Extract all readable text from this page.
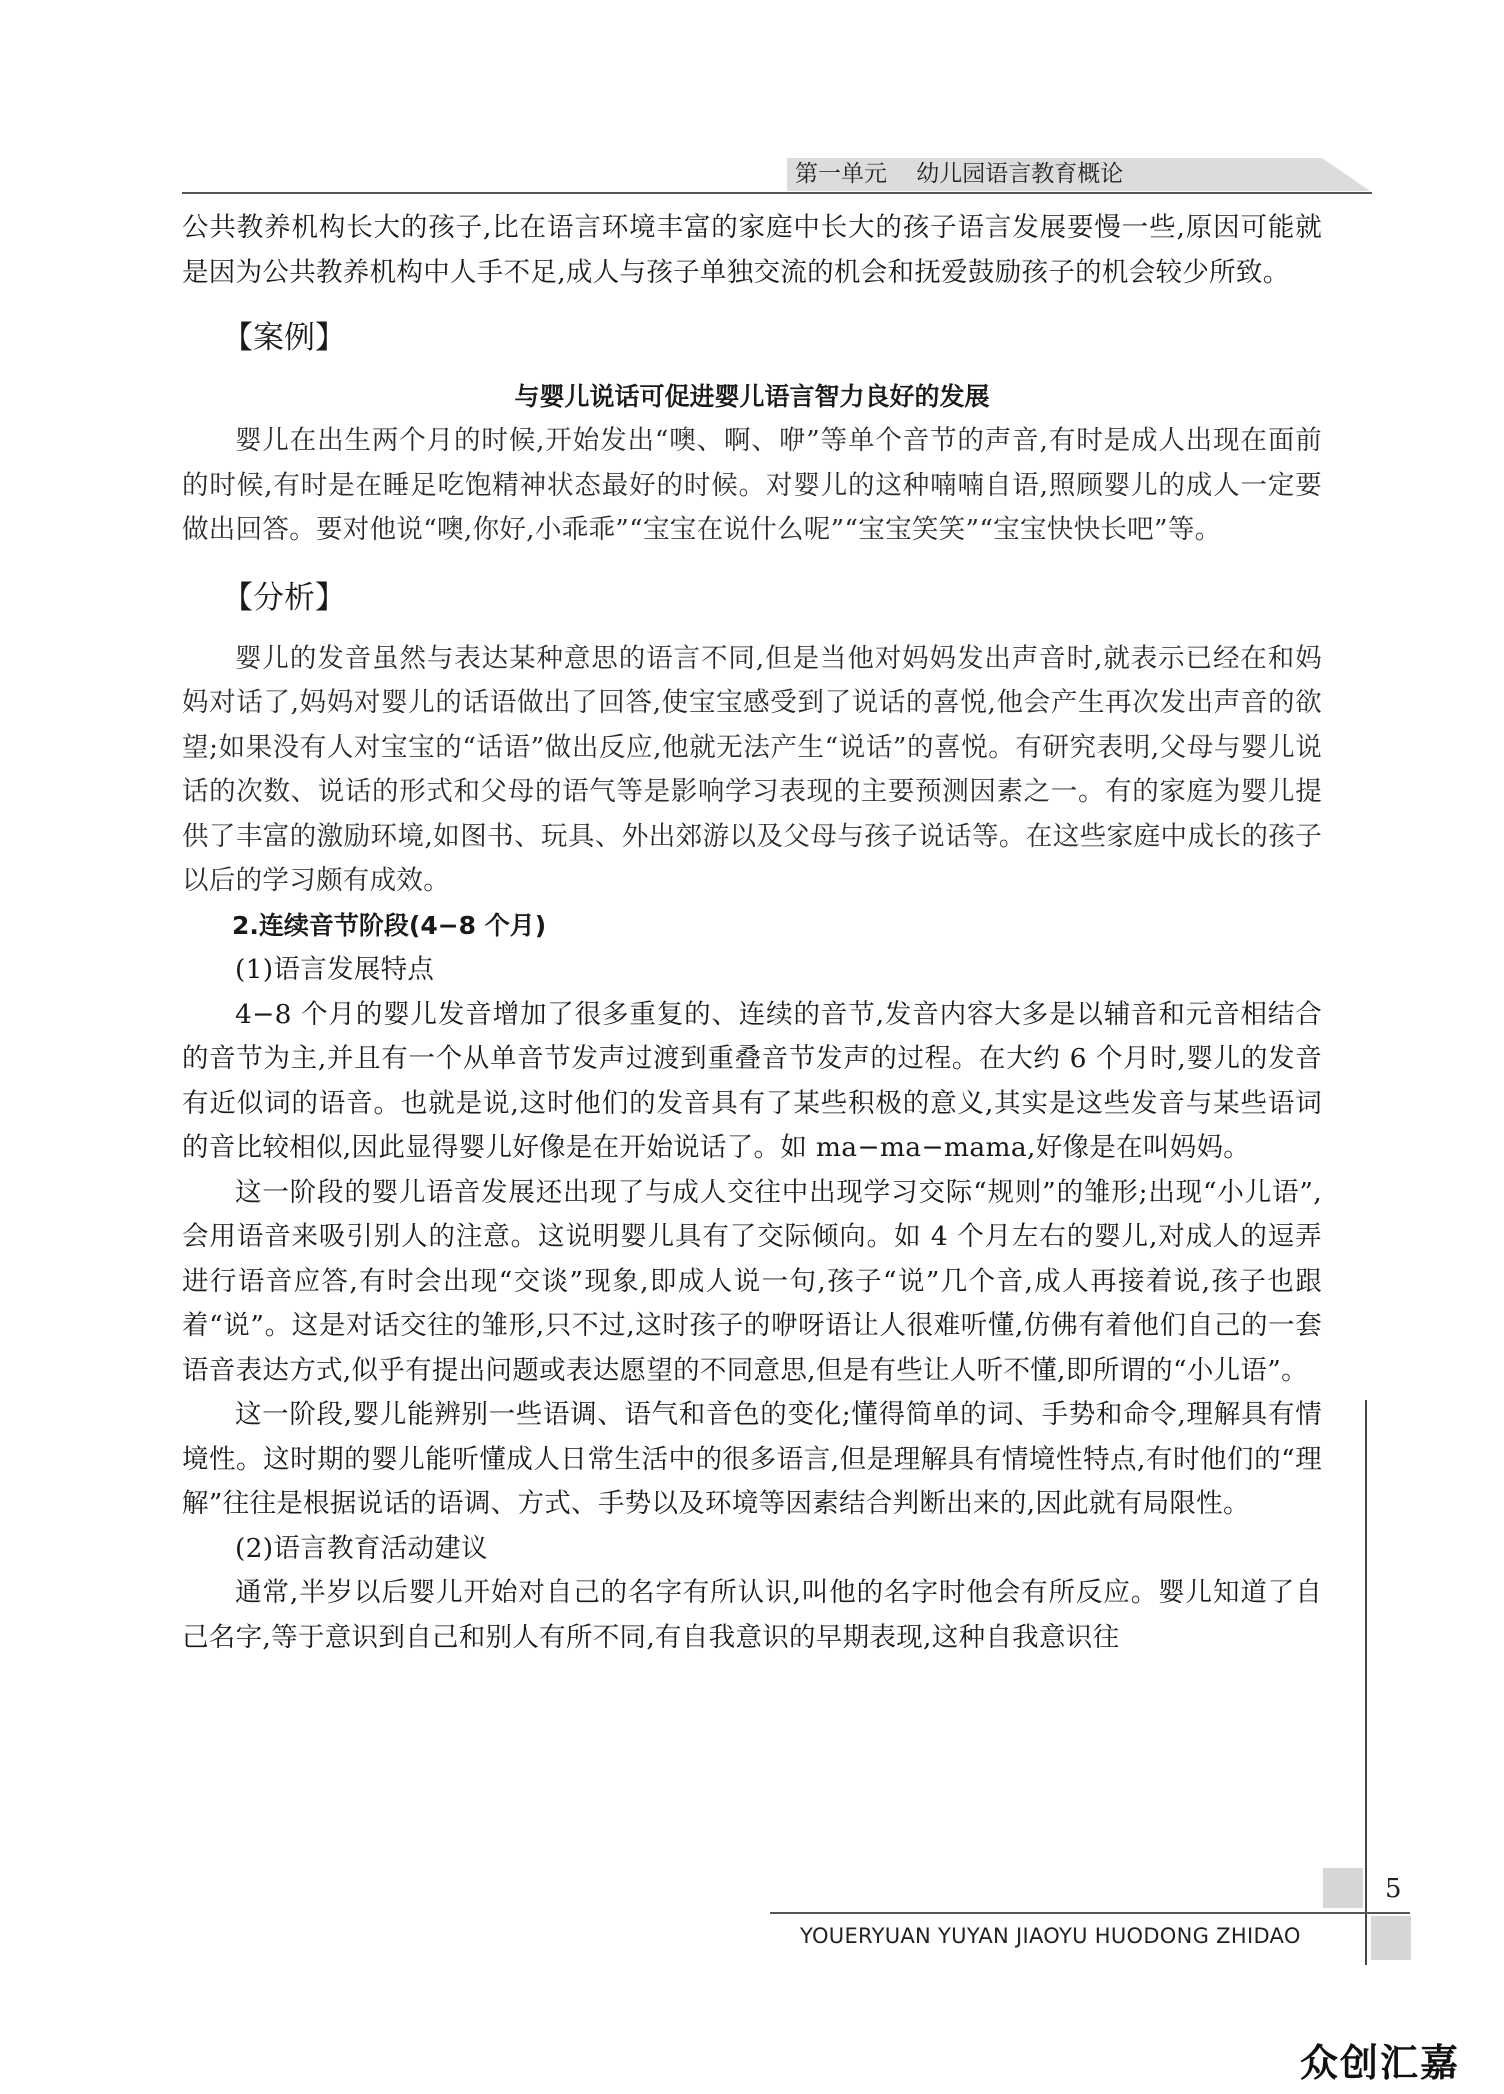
第一单元 幼儿园语言教育概论

公共教养机构长大的孩子,比在语言环境丰富的家庭中长大的孩子语言发展要慢一些,原因可能就是因为公共教养机构中人手不足,成人与孩子单独交流的机会和抚爱鼓励孩子的机会较少所致。

【案例】

与婴儿说话可促进婴儿语言智力良好的发展

婴儿在出生两个月的时候,开始发出“噢、啊、咿”等单个音节的声音,有时是成人出现在面前的时候,有时是在睡足吃饱精神状态最好的时候。对婴儿的这种喃喃自语,照顾婴儿的成人一定要做出回答。要对他说“噢,你好,小乖乖”“宝宝在说什么呢”“宝宝笑笑”“宝宝快快长吧”等。

【分析】

婴儿的发音虽然与表达某种意思的语言不同,但是当他对妈妈发出声音时,就表示已经在和妈妈对话了,妈妈对婴儿的话语做出了回答,使宝宝感受到了说话的喜悦,他会产生再次发出声音的欲望;如果没有人对宝宝的“话语”做出反应,他就无法产生“说话”的喜悦。有研究表明,父母与婴儿说话的次数、说话的形式和父母的语气等是影响学习表现的主要预测因素之一。有的家庭为婴儿提供了丰富的激励环境,如图书、玩具、外出郊游以及父母与孩子说话等。在这些家庭中成长的孩子以后的学习颇有成效。

2.连续音节阶段(4−8 个月)

(1)语言发展特点

4−8 个月的婴儿发音增加了很多重复的、连续的音节,发音内容大多是以辅音和元音相结合的音节为主,并且有一个从单音节发声过渡到重叠音节发声的过程。在大约 6 个月时,婴儿的发音有近似词的语音。也就是说,这时他们的发音具有了某些积极的意义,其实是这些发音与某些语词的音比较相似,因此显得婴儿好像是在开始说话了。如 ma−ma−mama,好像是在叫妈妈。

这一阶段的婴儿语音发展还出现了与成人交往中出现学习交际“规则”的雏形;出现“小儿语”,会用语音来吸引别人的注意。这说明婴儿具有了交际倾向。如 4 个月左右的婴儿,对成人的逗弄进行语音应答,有时会出现“交谈”现象,即成人说一句,孩子“说”几个音,成人再接着说,孩子也跟着“说”。这是对话交往的雏形,只不过,这时孩子的咿呀语让人很难听懂,仿佛有着他们自己的一套语音表达方式,似乎有提出问题或表达愿望的不同意思,但是有些让人听不懂,即所谓的“小儿语”。

这一阶段,婴儿能辨别一些语调、语气和音色的变化;懂得简单的词、手势和命令,理解具有情境性。这时期的婴儿能听懂成人日常生活中的很多语言,但是理解具有情境性特点,有时他们的“理解”往往是根据说话的语调、方式、手势以及环境等因素结合判断出来的,因此就有局限性。

(2)语言教育活动建议

通常,半岁以后婴儿开始对自己的名字有所认识,叫他的名字时他会有所反应。婴儿知道了自己名字,等于意识到自己和别人有所不同,有自我意识的早期表现,这种自我意识往

5
YOUERYUAN YUYAN JIAOYU HUODONG ZHIDAO
众创汇嘉
